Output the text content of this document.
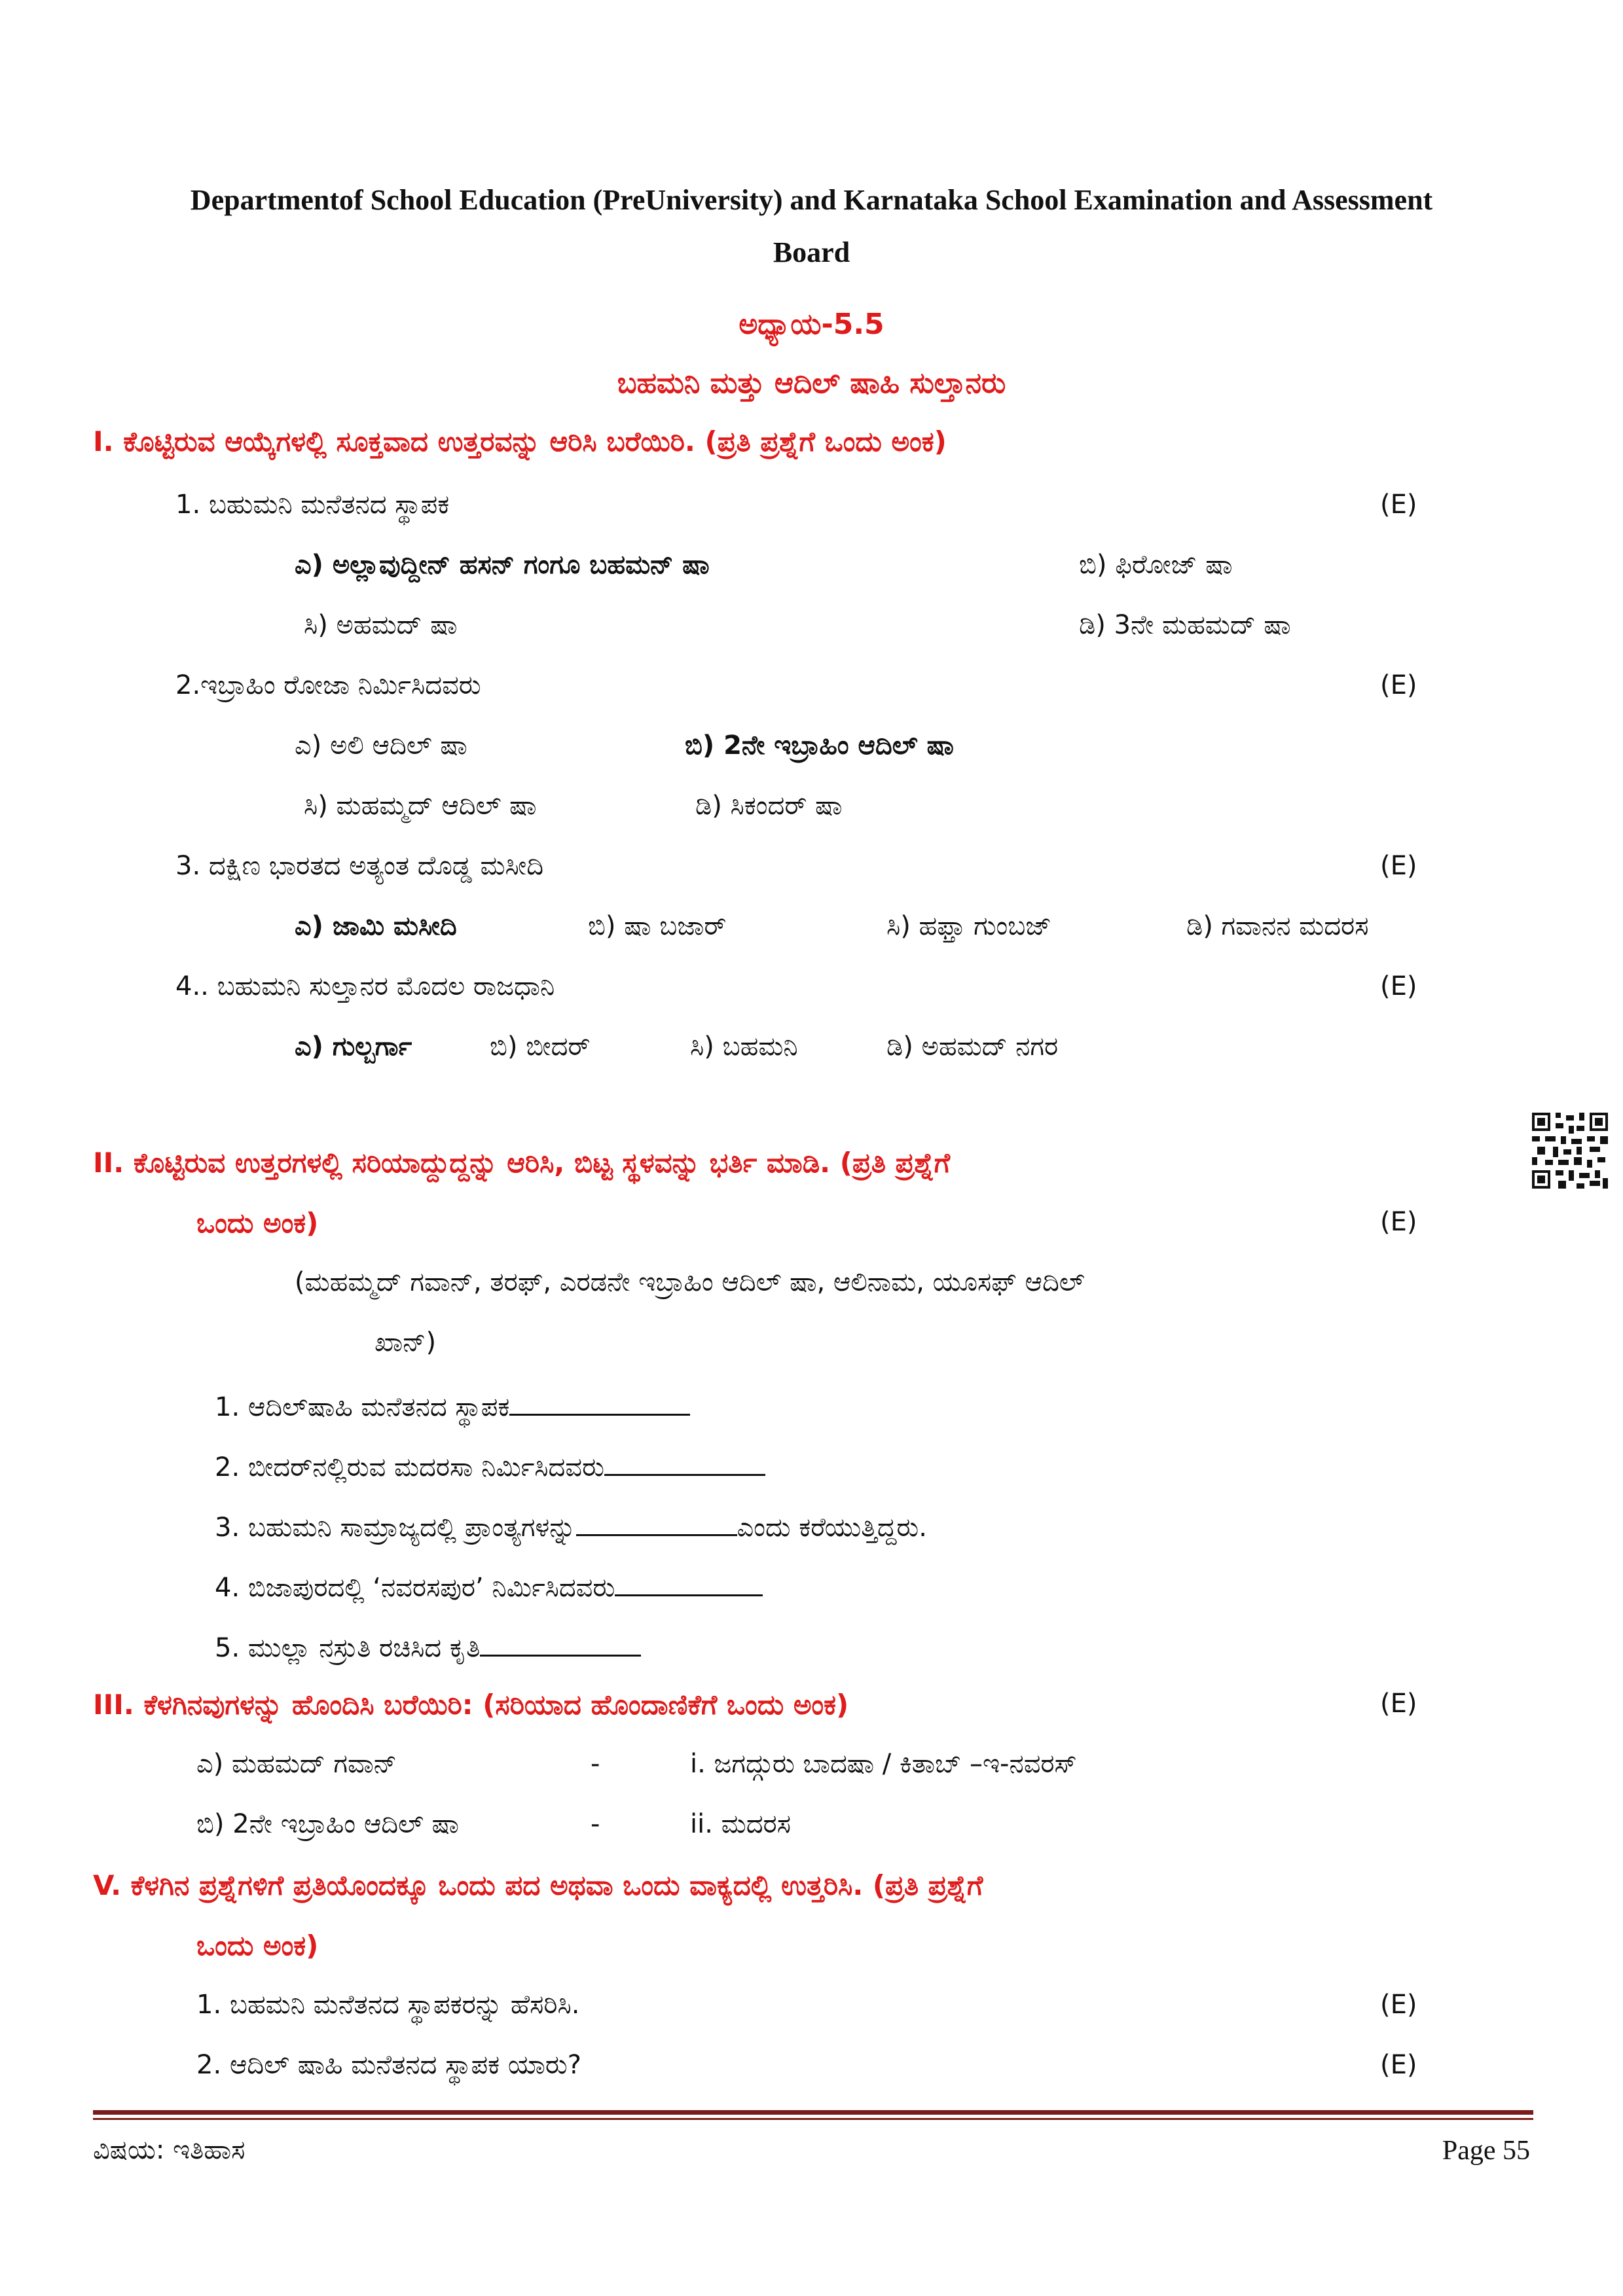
Departmentof School Education (PreUniversity) and Karnataka School Examination and Assessment
Board
ಅಧ್ಯಾಯ-5.5
ಬಹಮನಿ ಮತ್ತು ಆದಿಲ್ ಷಾಹಿ ಸುಲ್ತಾನರು
I. ಕೊಟ್ಟಿರುವ ಆಯ್ಕೆಗಳಲ್ಲಿ ಸೂಕ್ತವಾದ ಉತ್ತರವನ್ನು ಆರಿಸಿ ಬರೆಯಿರಿ. (ಪ್ರತಿ ಪ್ರಶ್ನೆಗೆ ಒಂದು ಅಂಕ)
1. ಬಹುಮನಿ ಮನೆತನದ ಸ್ಥಾಪಕ	(E)
ಎ) ಅಲ್ಲಾವುದ್ದೀನ್ ಹಸನ್ ಗಂಗೂ ಬಹಮನ್ ಷಾ	ಬಿ) ಫಿರೋಜ್ ಷಾ
ಸಿ) ಅಹಮದ್ ಷಾ	ಡಿ) 3ನೇ ಮಹಮದ್ ಷಾ
2.ಇಬ್ರಾಹಿಂ ರೋಜಾ ನಿರ್ಮಿಸಿದವರು	(E)
ಎ) ಅಲಿ ಆದಿಲ್ ಷಾ	ಬಿ) 2ನೇ ಇಬ್ರಾಹಿಂ ಆದಿಲ್ ಷಾ
ಸಿ) ಮಹಮ್ಮದ್ ಆದಿಲ್ ಷಾ	ಡಿ) ಸಿಕಂದರ್ ಷಾ
3. ದಕ್ಷಿಣ ಭಾರತದ ಅತ್ಯಂತ ದೊಡ್ಡ ಮಸೀದಿ	(E)
ಎ) ಜಾಮಿ ಮಸೀದಿ	ಬಿ) ಷಾ ಬಜಾರ್	ಸಿ) ಹಫ್ತಾ ಗುಂಬಜ್	ಡಿ) ಗವಾನನ ಮದರಸ
4.. ಬಹುಮನಿ ಸುಲ್ತಾನರ ಮೊದಲ ರಾಜಧಾನಿ	(E)
ಎ) ಗುಲ್ಬರ್ಗಾ	ಬಿ) ಬೀದರ್	ಸಿ) ಬಹಮನಿ	ಡಿ) ಅಹಮದ್ ನಗರ
II. ಕೊಟ್ಟಿರುವ ಉತ್ತರಗಳಲ್ಲಿ ಸರಿಯಾದ್ದುದ್ದನ್ನು ಆರಿಸಿ, ಬಿಟ್ಟ ಸ್ಥಳವನ್ನು ಭರ್ತಿ ಮಾಡಿ. (ಪ್ರತಿ ಪ್ರಶ್ನೆಗೆ
ಒಂದು ಅಂಕ)	(E)
(ಮಹಮ್ಮದ್ ಗವಾನ್, ತರಫ್, ಎರಡನೇ ಇಬ್ರಾಹಿಂ ಆದಿಲ್ ಷಾ, ಆಲಿನಾಮ, ಯೂಸಫ್ ಆದಿಲ್
ಖಾನ್)
1. ಆದಿಲ್‌ಷಾಹಿ ಮನೆತನದ ಸ್ಥಾಪಕ
2. ಬೀದರ್‌ನಲ್ಲಿರುವ ಮದರಸಾ ನಿರ್ಮಿಸಿದವರು
3. ಬಹುಮನಿ ಸಾಮ್ರಾಜ್ಯದಲ್ಲಿ ಪ್ರಾಂತ್ಯಗಳನ್ನು	ಎಂದು ಕರೆಯುತ್ತಿದ್ದರು.
4. ಬಿಜಾಪುರದಲ್ಲಿ ‘ನವರಸಪುರ’ ನಿರ್ಮಿಸಿದವರು
5. ಮುಲ್ಲಾ ನಸ್ರುತಿ ರಚಿಸಿದ ಕೃತಿ
III. ಕೆಳಗಿನವುಗಳನ್ನು ಹೊಂದಿಸಿ ಬರೆಯಿರಿ: (ಸರಿಯಾದ ಹೊಂದಾಣಿಕೆಗೆ ಒಂದು ಅಂಕ)	(E)
ಎ) ಮಹಮದ್ ಗವಾನ್	-	i. ಜಗದ್ಗುರು ಬಾದಷಾ / ಕಿತಾಬ್ –ಇ-ನವರಸ್
ಬಿ) 2ನೇ ಇಬ್ರಾಹಿಂ ಆದಿಲ್ ಷಾ	-	ii. ಮದರಸ
V. ಕೆಳಗಿನ ಪ್ರಶ್ನೆಗಳಿಗೆ ಪ್ರತಿಯೊಂದಕ್ಕೂ ಒಂದು ಪದ ಅಥವಾ ಒಂದು ವಾಕ್ಯದಲ್ಲಿ ಉತ್ತರಿಸಿ. (ಪ್ರತಿ ಪ್ರಶ್ನೆಗೆ
ಒಂದು ಅಂಕ)
1. ಬಹಮನಿ ಮನೆತನದ ಸ್ಥಾಪಕರನ್ನು ಹೆಸರಿಸಿ.	(E)
2. ಆದಿಲ್ ಷಾಹಿ ಮನೆತನದ ಸ್ಥಾಪಕ ಯಾರು?	(E)
ವಿಷಯ: ಇತಿಹಾಸ	Page 55
